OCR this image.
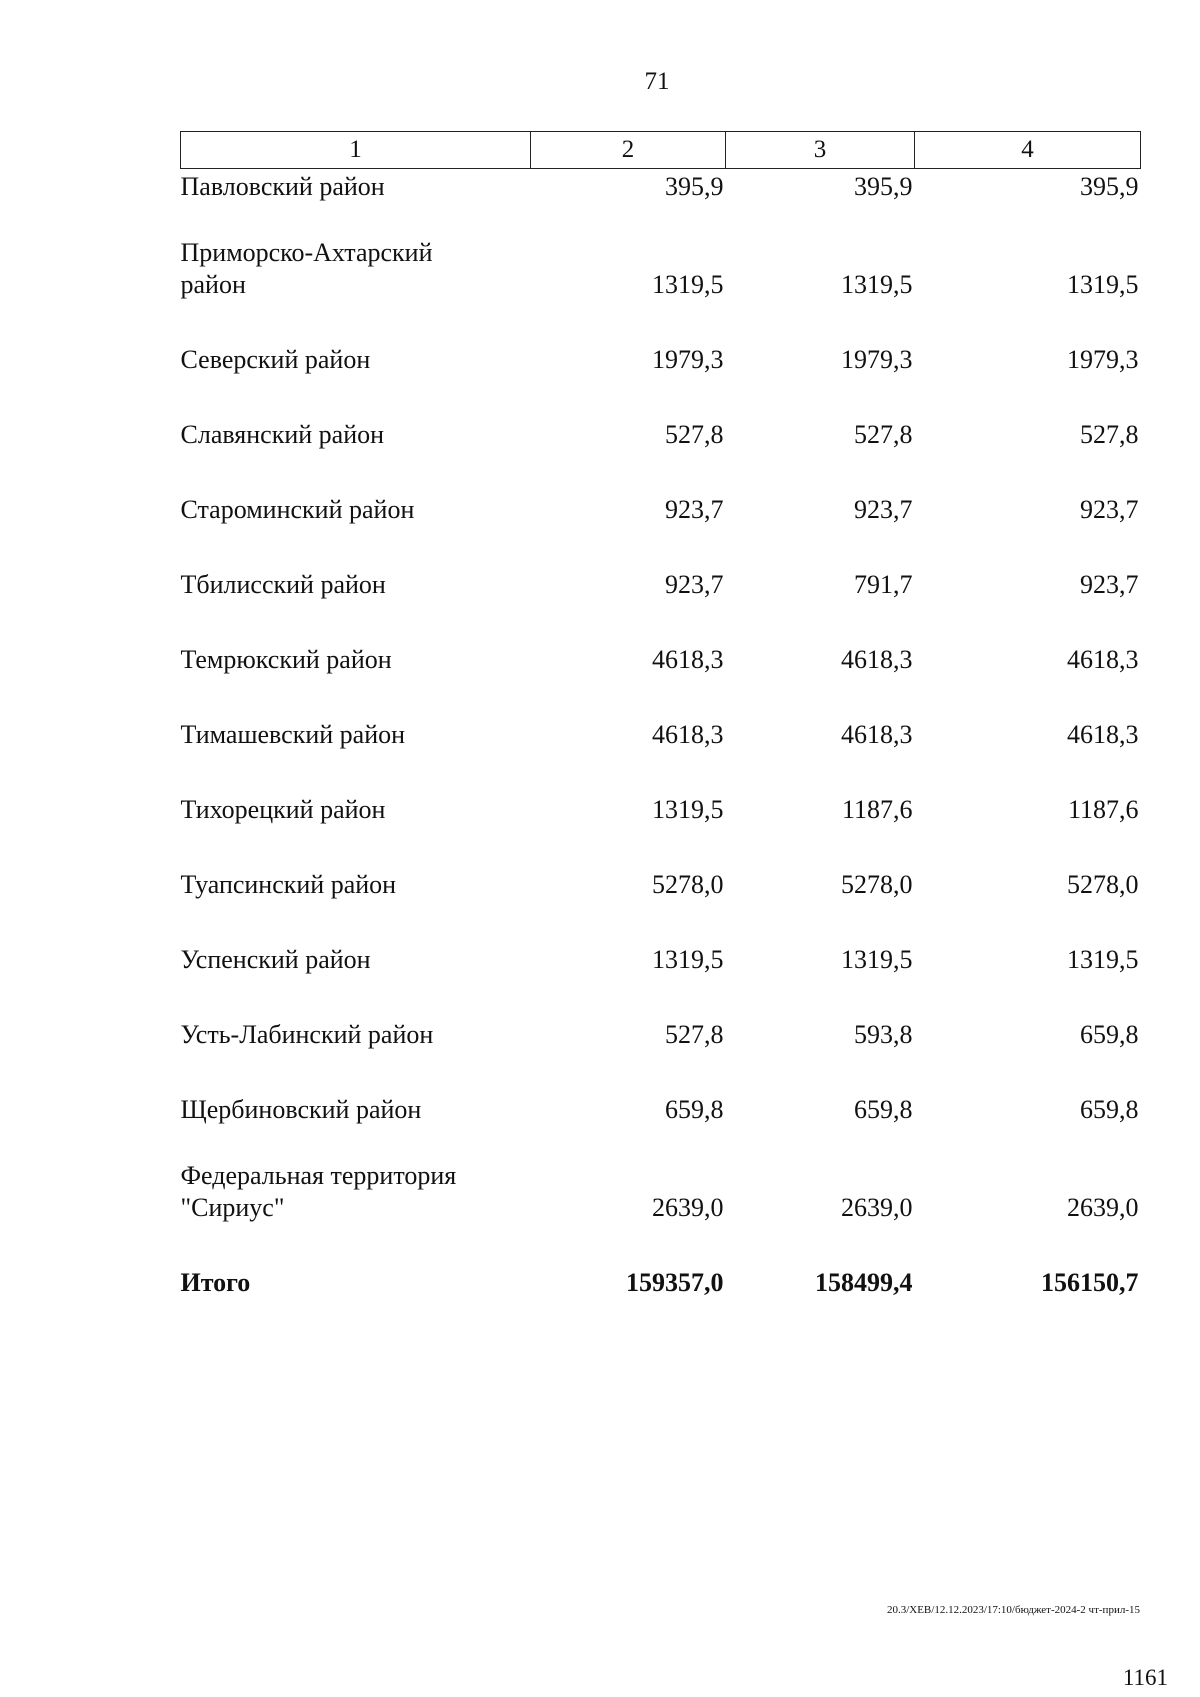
71
1	2	3	4
Павловский район	395,9	395,9	395,9
Приморско-Ахтарский
район	1319,5	1319,5	1319,5
Северский район	1979,3	1979,3	1979,3
Славянский район	527,8	527,8	527,8
Староминский район	923,7	923,7	923,7
Тбилисский район	923,7	791,7	923,7
Темрюкский район	4618,3	4618,3	4618,3
Тимашевский район	4618,3	4618,3	4618,3
Тихорецкий район	1319,5	1187,6	1187,6
Туапсинский район	5278,0	5278,0	5278,0
Успенский район	1319,5	1319,5	1319,5
Усть-Лабинский район	527,8	593,8	659,8
Щербиновский район	659,8	659,8	659,8
Федеральная территория
"Сириус"	2639,0	2639,0	2639,0
Итого	159357,0	158499,4	156150,7
20.3/ХЕВ/12.12.2023/17:10/бюджет-2024-2 чт-прил-15
1161
